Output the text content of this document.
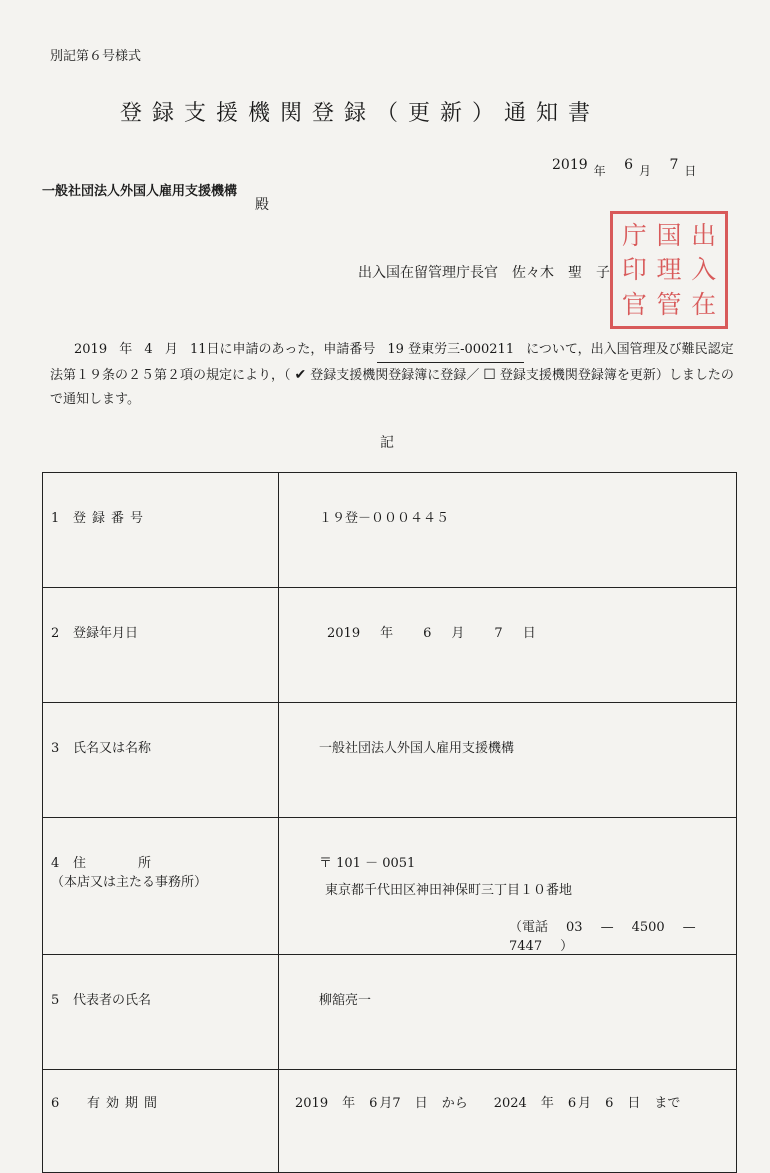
別記第６号様式
登録支援機関登録（更新）通知書
2019 年 6 月 7 日
一般社団法人外国人雇用支援機構
殿
出入国在留管理庁長官　佐々木　聖　子
庁 国 出
印 理 入
官 管 在
2019 年 4 月 11日に申請のあった，申請番号 19 登東労三-000211 について，出入国管理及び難民認定法第１９条の２５第２項の規定により，（ ✔ 登録支援機関登録簿に登録／ ☐ 登録支援機関登録簿を更新）しましたので通知します。
記
1 登録番号	１９登－０００４４５
2 登録年月日	2019 年 6 月 7 日
3 氏名又は名称	一般社団法人外国人雇用支援機構
4 住　　　　所
（本店又は主たる事務所）	〒 101 － 0051
東京都千代田区神田神保町三丁目１０番地
（電話 03 — 4500 —7447 ）

5 代表者の氏名	柳舘亮一
6 有効期間	2019 年 6 月7 日 から 2024 年 6 月 6 日 まで
